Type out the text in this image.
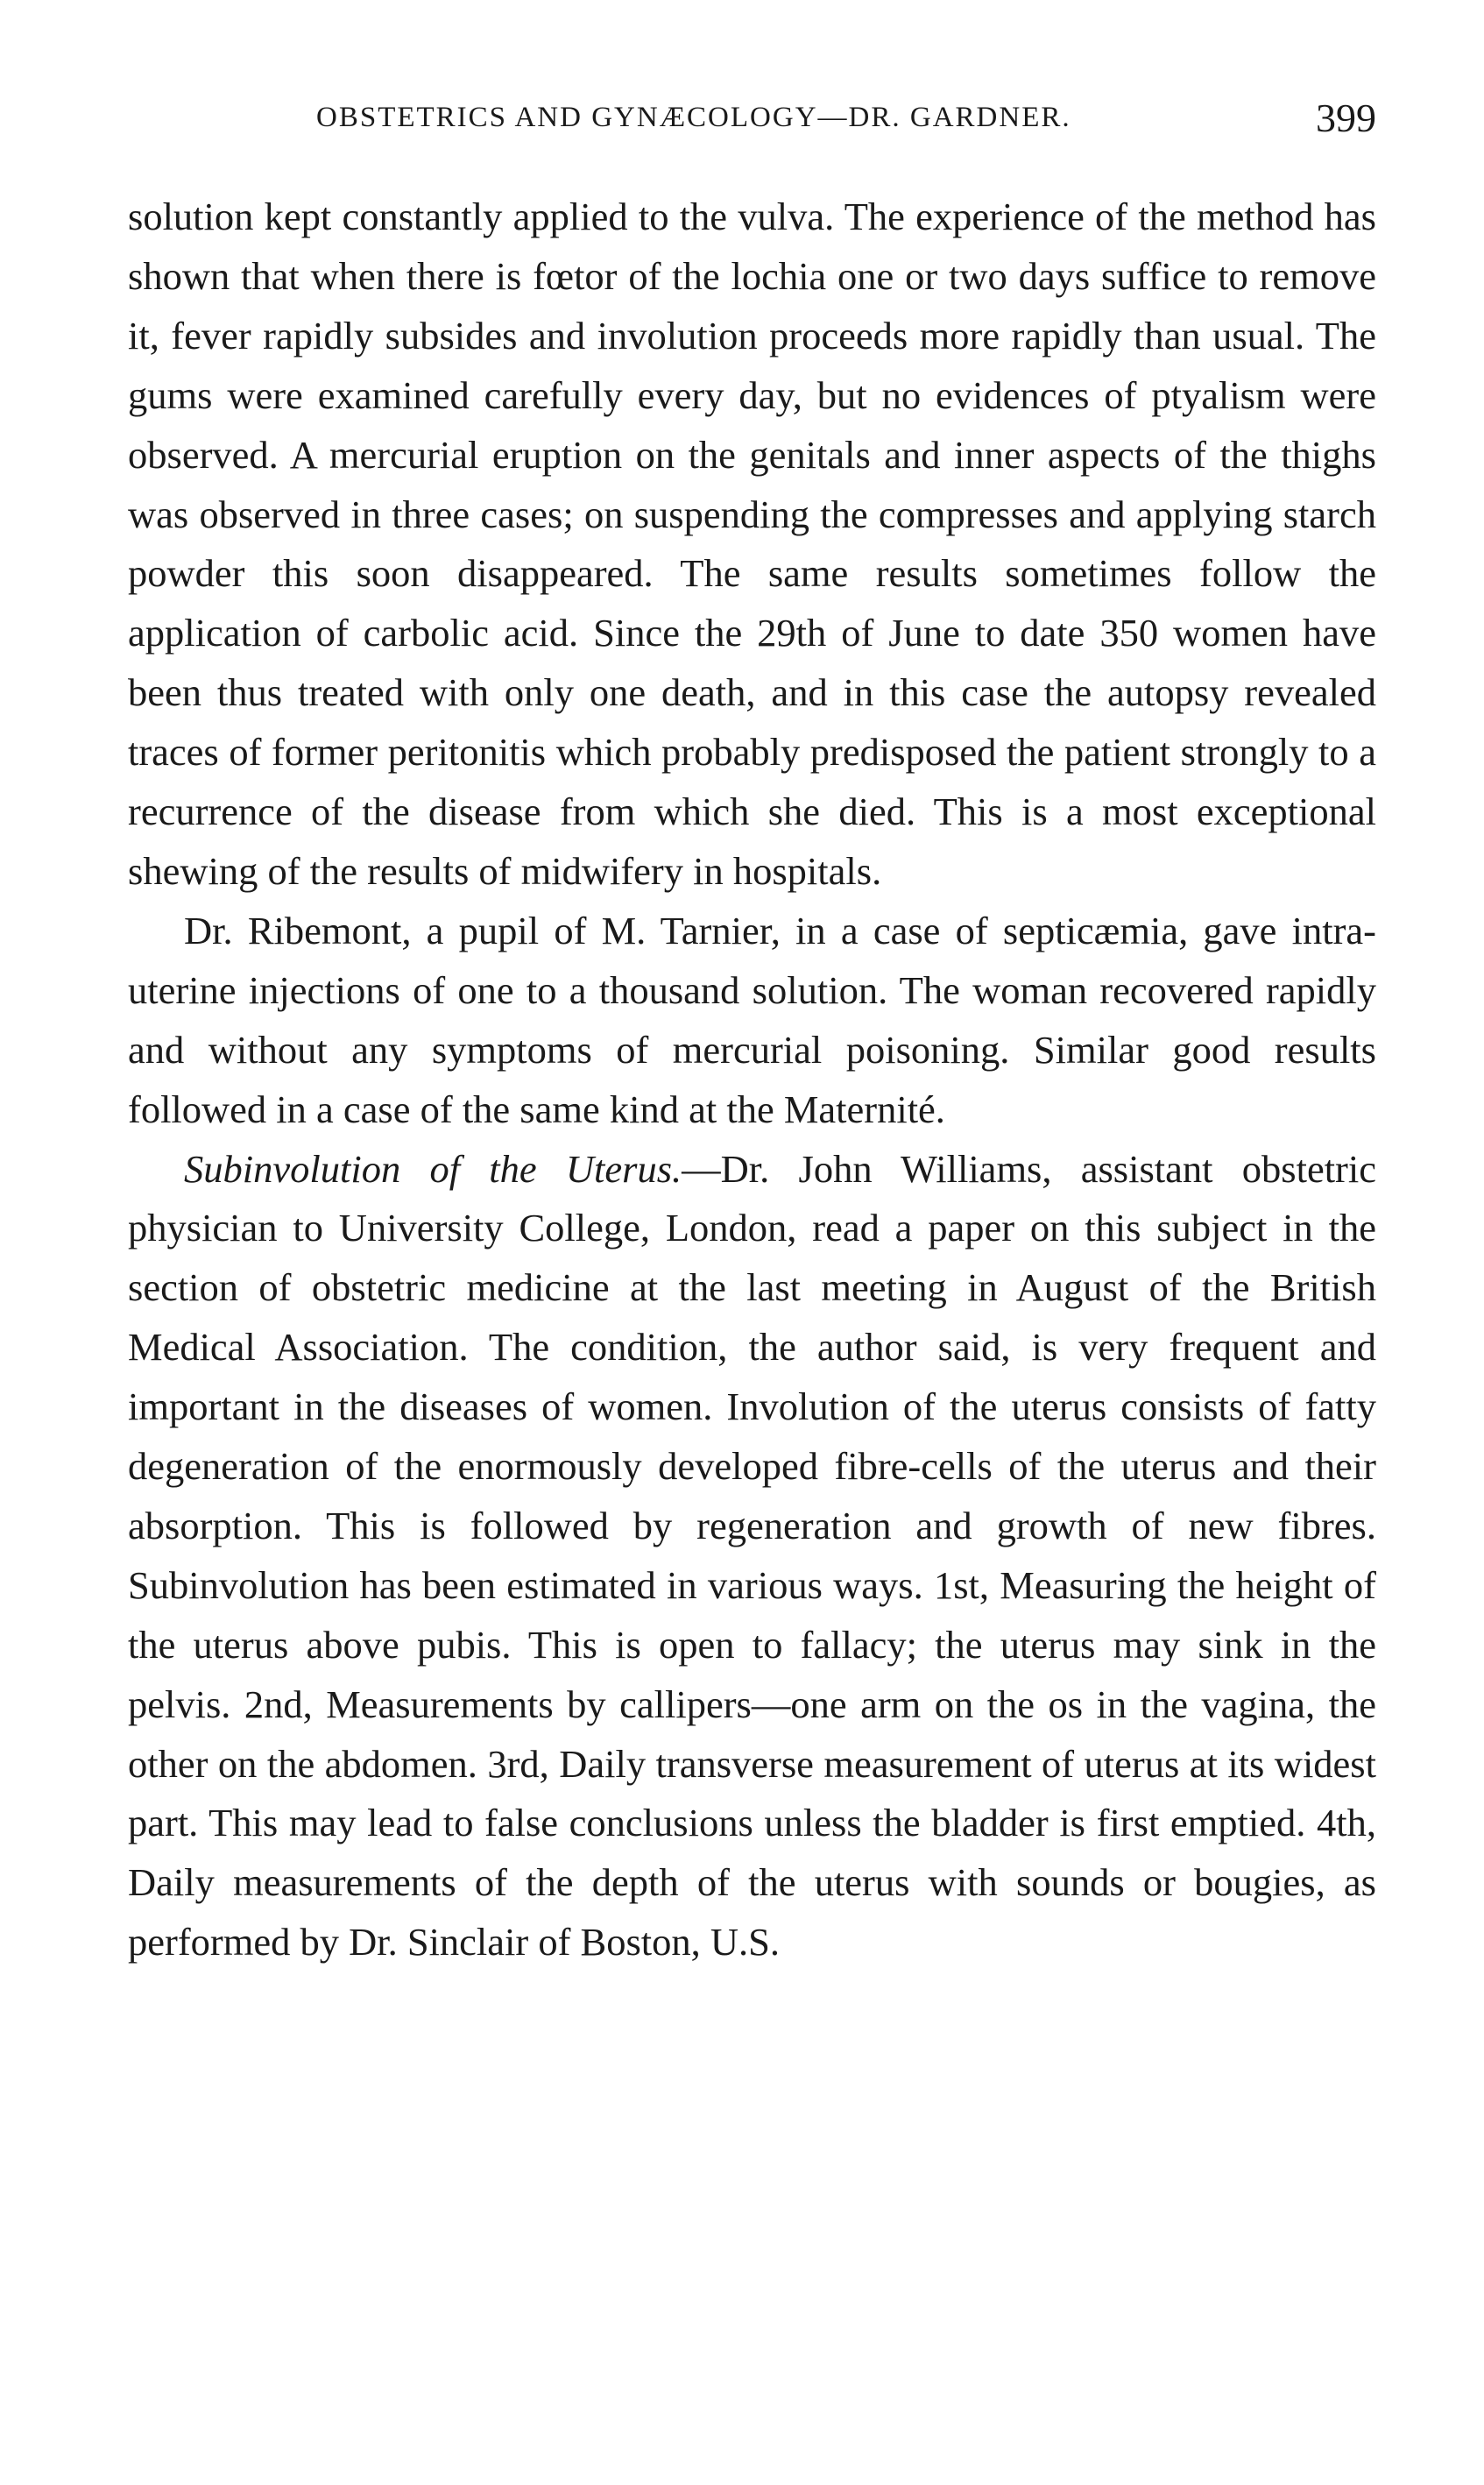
OBSTETRICS AND GYNÆCOLOGY—DR. GARDNER.	399

solution kept constantly applied to the vulva. The experience of the method has shown that when there is fœtor of the lochia one or two days suffice to remove it, fever rapidly subsides and involution proceeds more rapidly than usual. The gums were examined carefully every day, but no evidences of ptyalism were observed. A mercurial eruption on the genitals and inner aspects of the thighs was observed in three cases; on suspending the compresses and applying starch powder this soon disappeared. The same results sometimes follow the application of carbolic acid. Since the 29th of June to date 350 women have been thus treated with only one death, and in this case the autopsy revealed traces of former peritonitis which probably predisposed the patient strongly to a recurrence of the disease from which she died. This is a most exceptional shewing of the results of midwifery in hospitals.

Dr. Ribemont, a pupil of M. Tarnier, in a case of septicæmia, gave intra-uterine injections of one to a thousand solution. The woman recovered rapidly and without any symptoms of mercurial poisoning. Similar good results followed in a case of the same kind at the Maternité.

Subinvolution of the Uterus.—Dr. John Williams, assistant obstetric physician to University College, London, read a paper on this subject in the section of obstetric medicine at the last meeting in August of the British Medical Association. The condition, the author said, is very frequent and important in the diseases of women. Involution of the uterus consists of fatty degeneration of the enormously developed fibre-cells of the uterus and their absorption. This is followed by regeneration and growth of new fibres. Subinvolution has been estimated in various ways. 1st, Measuring the height of the uterus above pubis. This is open to fallacy; the uterus may sink in the pelvis. 2nd, Measurements by callipers—one arm on the os in the vagina, the other on the abdomen. 3rd, Daily transverse measurement of uterus at its widest part. This may lead to false conclusions unless the bladder is first emptied. 4th, Daily measurements of the depth of the uterus with sounds or bougies, as performed by Dr. Sinclair of Boston, U.S.
